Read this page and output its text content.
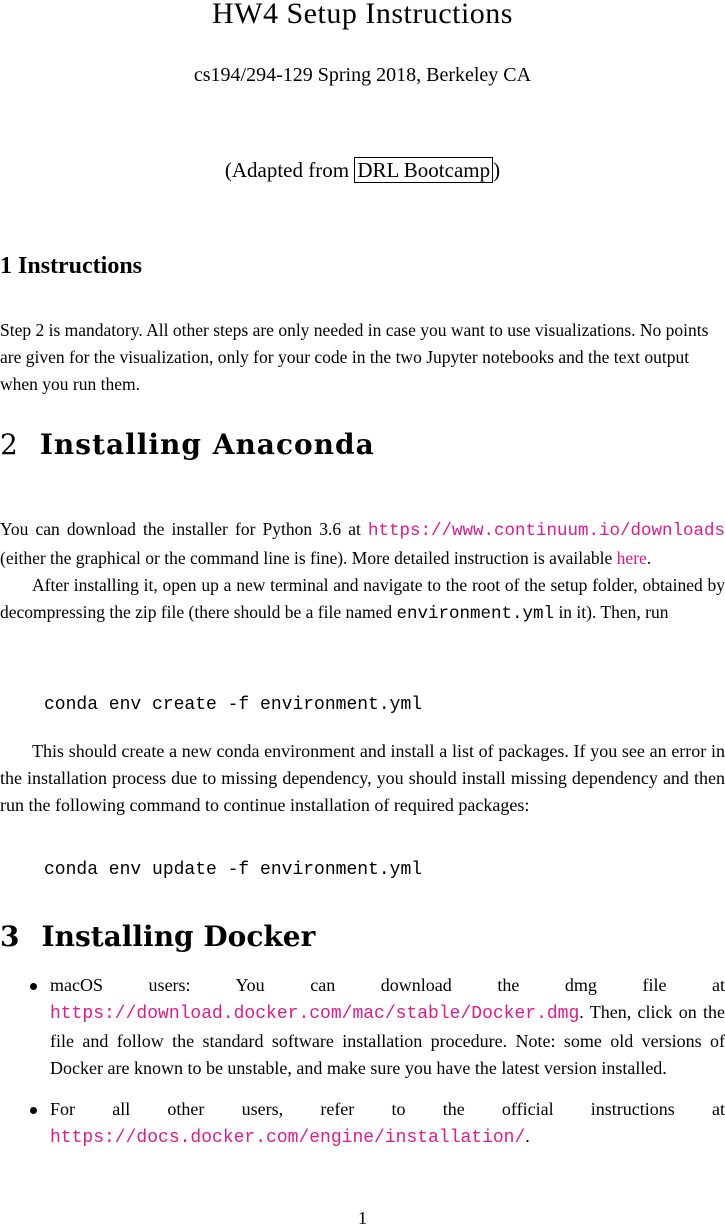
HW4 Setup Instructions
cs194/294-129 Spring 2018, Berkeley CA
(Adapted from DRL Bootcamp )
1 Instructions
Step 2 is mandatory. All other steps are only needed in case you want to use visualizations. No points are given for the visualization, only for your code in the two Jupyter notebooks and the text output when you run them.
2 Installing Anaconda
You can download the installer for Python 3.6 at https://www.continuum.io/downloads (either the graphical or the command line is fine). More detailed instruction is available here.
After installing it, open up a new terminal and navigate to the root of the setup folder, obtained by decompressing the zip file (there should be a file named environment.yml in it). Then, run
conda env create -f environment.yml
This should create a new conda environment and install a list of packages. If you see an error in the installation process due to missing dependency, you should install missing dependency and then run the following command to continue installation of required packages:
conda env update -f environment.yml
3 Installing Docker
macOS users: You can download the dmg file at https://download.docker.com/mac/stable/Docker.dmg. Then, click on the file and follow the standard software installation procedure. Note: some old versions of Docker are known to be unstable, and make sure you have the latest version installed.
For all other users, refer to the official instructions at https://docs.docker.com/engine/installation/.
1
